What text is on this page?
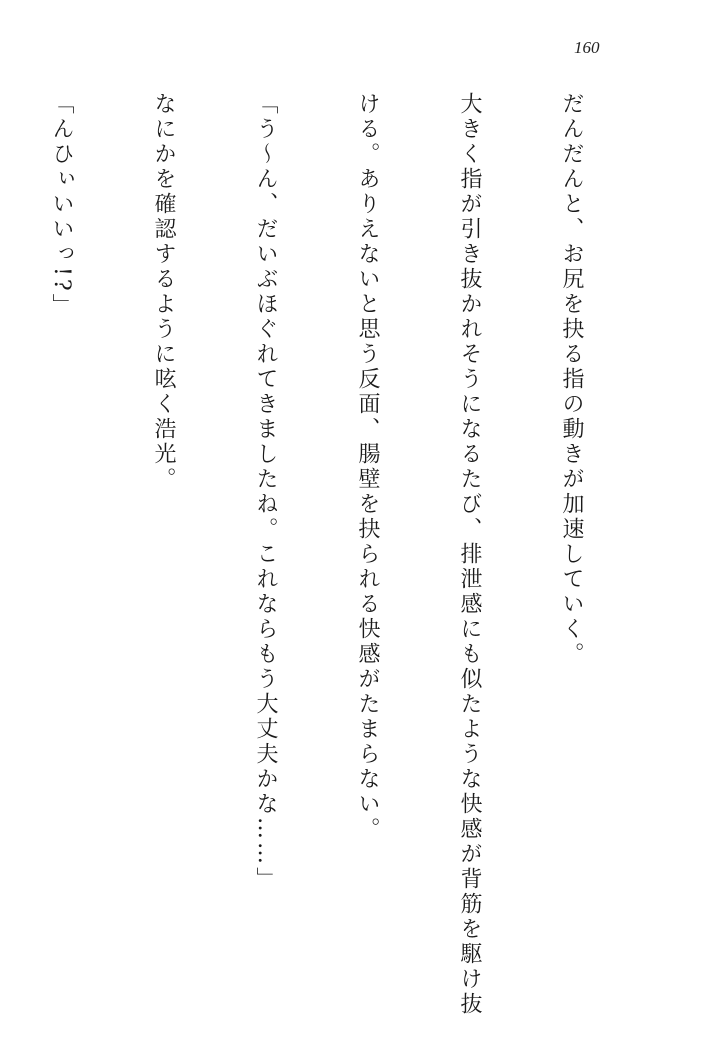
160

だんだんと、お尻を抉る指の動きが加速していく。

大きく指が引き抜かれそうになるたび、排泄感にも似たような快感が背筋を駆け抜

ける。ありえないと思う反面、腸壁を抉られる快感がたまらない。

「う～ん、だいぶほぐれてきましたね。これならもう大丈夫かな……」

なにかを確認するように呟く浩光。

「んひぃいいっ!?」
